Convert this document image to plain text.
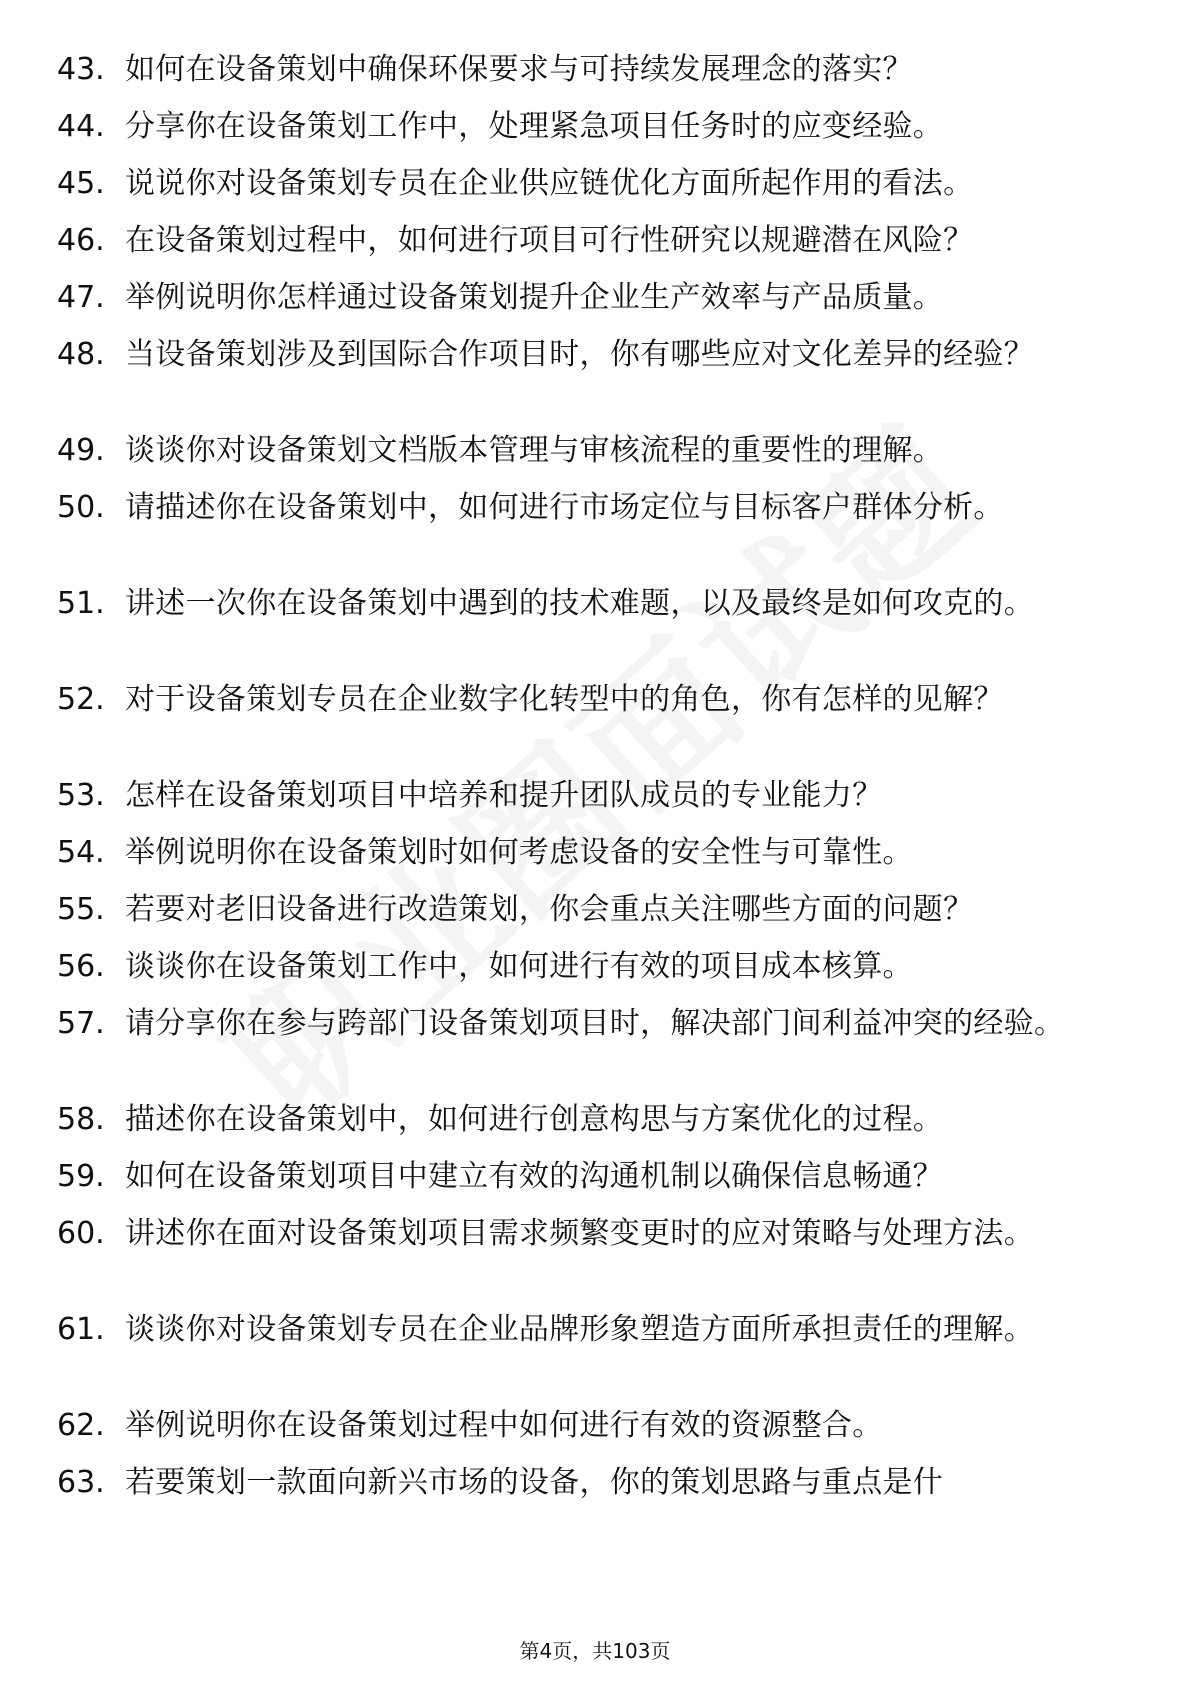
43. 如何在设备策划中确保环保要求与可持续发展理念的落实？
44. 分享你在设备策划工作中，处理紧急项目任务时的应变经验。
45. 说说你对设备策划专员在企业供应链优化方面所起作用的看法。
46. 在设备策划过程中，如何进行项目可行性研究以规避潜在风险？
47. 举例说明你怎样通过设备策划提升企业生产效率与产品质量。
48. 当设备策划涉及到国际合作项目时，你有哪些应对文化差异的经验？
49. 谈谈你对设备策划文档版本管理与审核流程的重要性的理解。
50. 请描述你在设备策划中，如何进行市场定位与目标客户群体分析。
51. 讲述一次你在设备策划中遇到的技术难题，以及最终是如何攻克的。
52. 对于设备策划专员在企业数字化转型中的角色，你有怎样的见解？
53. 怎样在设备策划项目中培养和提升团队成员的专业能力？
54. 举例说明你在设备策划时如何考虑设备的安全性与可靠性。
55. 若要对老旧设备进行改造策划，你会重点关注哪些方面的问题？
56. 谈谈你在设备策划工作中，如何进行有效的项目成本核算。
57. 请分享你在参与跨部门设备策划项目时，解决部门间利益冲突的经验。
58. 描述你在设备策划中，如何进行创意构思与方案优化的过程。
59. 如何在设备策划项目中建立有效的沟通机制以确保信息畅通？
60. 讲述你在面对设备策划项目需求频繁变更时的应对策略与处理方法。
61. 谈谈你对设备策划专员在企业品牌形象塑造方面所承担责任的理解。
62. 举例说明你在设备策划过程中如何进行有效的资源整合。
63. 若要策划一款面向新兴市场的设备，你的策划思路与重点是什
第4页，共103页
